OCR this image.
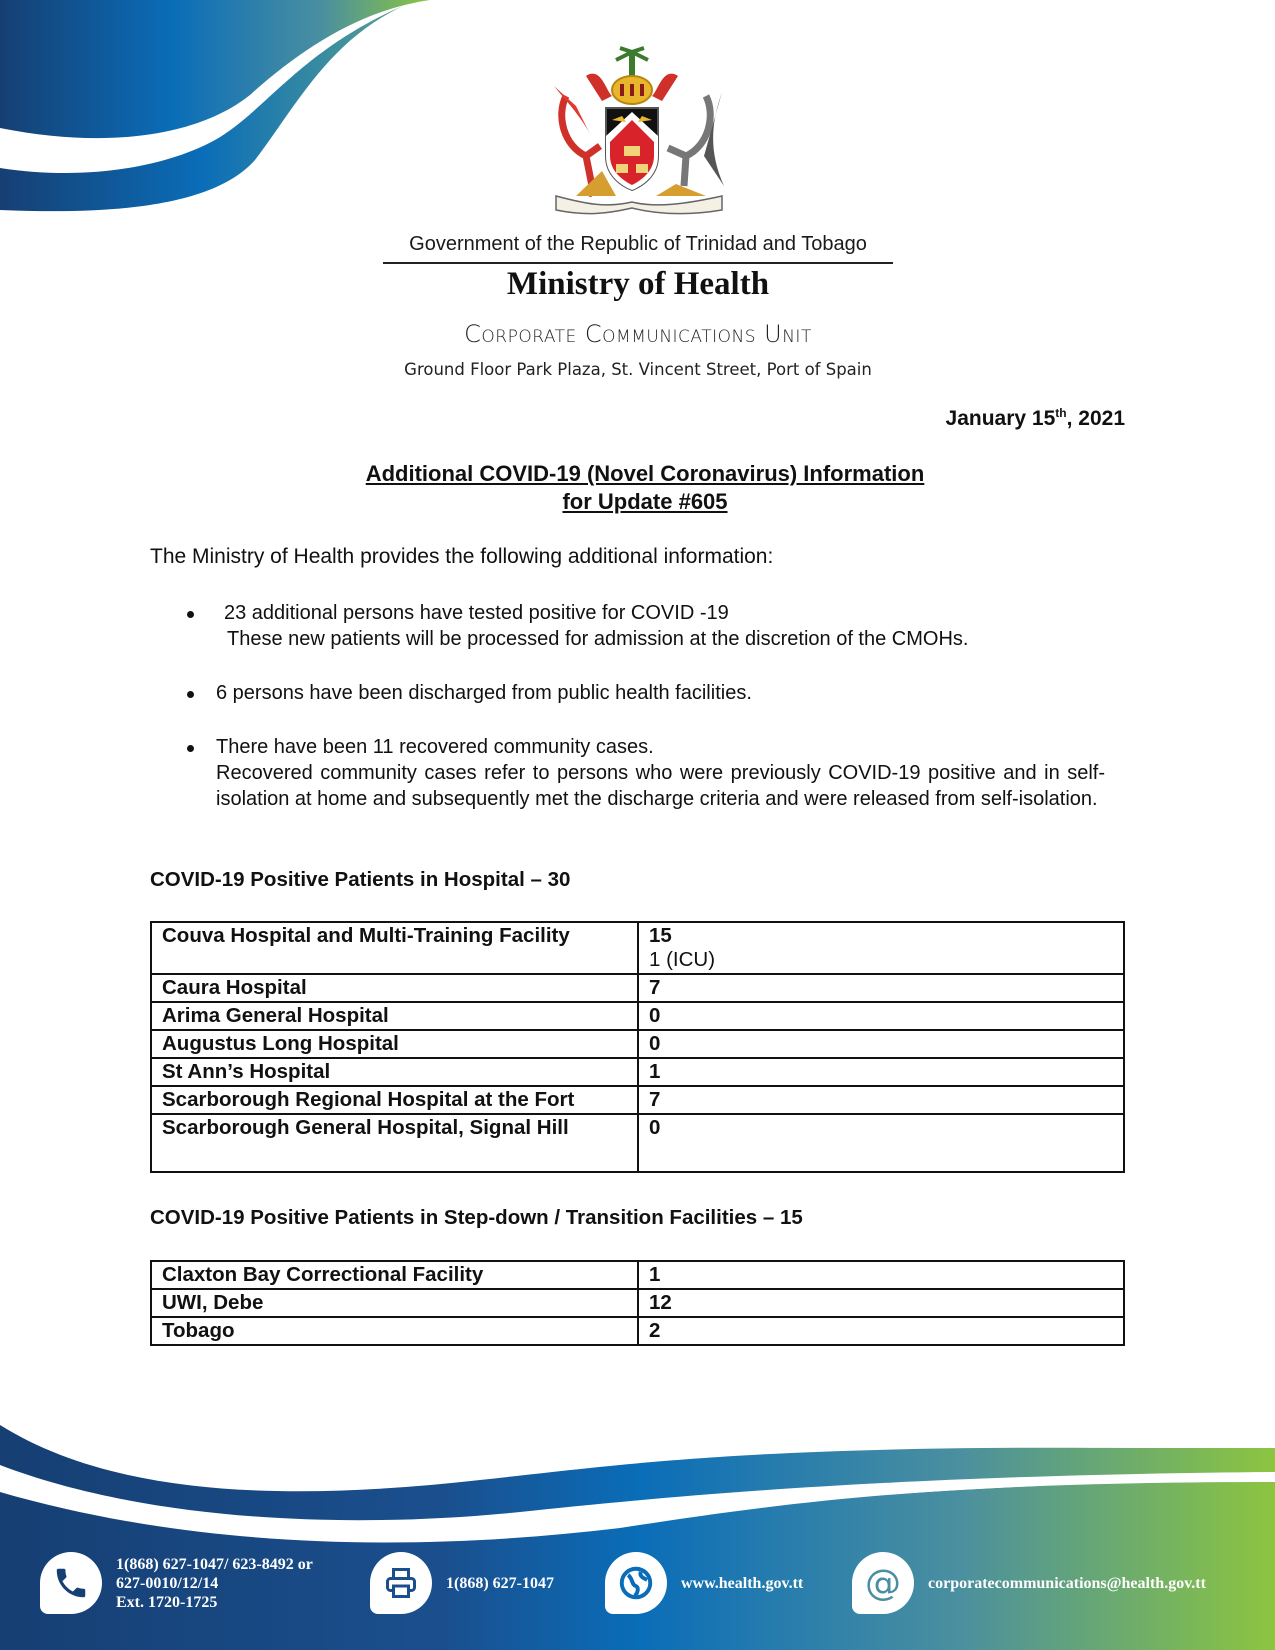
Government of the Republic of Trinidad and Tobago
Ministry of Health
Corporate Communications Unit
Ground Floor Park Plaza, St. Vincent Street, Port of Spain
January 15th, 2021
Additional COVID-19 (Novel Coronavirus) Information
for Update #605
The Ministry of Health provides the following additional information:

23 additional persons have tested positive for COVID -19

These new patients will be processed for admission at the discretion of the CMOHs.

6 persons have been discharged from public health facilities.

There have been 11 recovered community cases.

Recovered community cases refer to persons who were previously COVID-19 positive and in self-isolation at home and subsequently met the discharge criteria and were released from self-isolation.

COVID-19 Positive Patients in Hospital – 30
Couva Hospital and Multi-Training Facility	15
1 (ICU)

Caura Hospital	7
Arima General Hospital	0
Augustus Long Hospital	0
St Ann’s Hospital	1
Scarborough Regional Hospital at the Fort	7
Scarborough General Hospital, Signal Hill	0
COVID-19 Positive Patients in Step-down / Transition Facilities – 15
Claxton Bay Correctional Facility	1
UWI, Debe	12
Tobago	2
1(868) 627-1047/ 623-8492 or
627-0010/12/14
Ext. 1720-1725
1(868) 627-1047	www.health.gov.tt @ corporatecommunications@health.gov.tt
